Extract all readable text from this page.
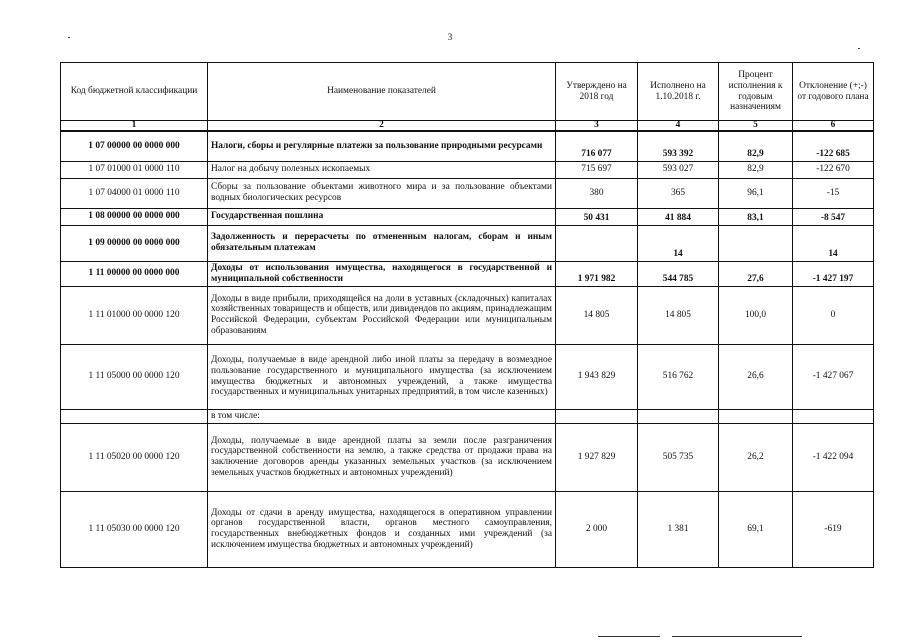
3
Код бюджетной классификации	Наименование показателей	Утверждено на 2018 год	Исполнено на 1.10.2018 г.	Процент исполнения к годовым назначениям	Отклонение (+;-) от годового плана
1	2	3	4	5	6
1 07 00000 00 0000 000	Налоги, сборы и регулярные платежи за пользование природными ресурсами	716 077	593 392	82,9	-122 685
1 07 01000 01 0000 110	Налог на добычу полезных ископаемых	715 697	593 027	82,9	-122 670
1 07 04000 01 0000 110	Сборы за пользование объектами животного мира и за пользование объектами водных биологических ресурсов	380	365	96,1	-15
1 08 00000 00 0000 000	Государственная пошлина	50 431	41 884	83,1	-8 547
1 09 00000 00 0000 000	Задолженность и перерасчеты по отмененным налогам, сборам и иным обязательным платежам		14		14
1 11 00000 00 0000 000	Доходы от использования имущества, находящегося в государственной и муниципальной собственности	1 971 982	544 785	27,6	-1 427 197
1 11 01000 00 0000 120	Доходы в виде прибыли, приходящейся на доли в уставных (складочных) капиталах хозяйственных товариществ и обществ, или дивидендов по акциям, принадлежащим Российской Федерации, субъектам Российской Федерации или муниципальным образованиям	14 805	14 805	100,0	0
1 11 05000 00 0000 120	Доходы, получаемые в виде арендной либо иной платы за передачу в возмездное пользование государственного и муниципального имущества (за исключением имущества бюджетных и автономных учреждений, а также имущества государственных и муниципальных унитарных предприятий, в том числе казенных)	1 943 829	516 762	26,6	-1 427 067
	в том числе:				
1 11 05020 00 0000 120	Доходы, получаемые в виде арендной платы за земли после разграничения государственной собственности на землю, а также средства от продажи права на заключение договоров аренды указанных земельных участков (за исключением земельных участков бюджетных и автономных учреждений)	1 927 829	505 735	26,2	-1 422 094
1 11 05030 00 0000 120	Доходы от сдачи в аренду имущества, находящегося в оперативном управлении органов государственной власти, органов местного самоуправления, государственных внебюджетных фондов и созданных ими учреждений (за исключением имущества бюджетных и автономных учреждений)	2 000	1 381	69,1	-619
